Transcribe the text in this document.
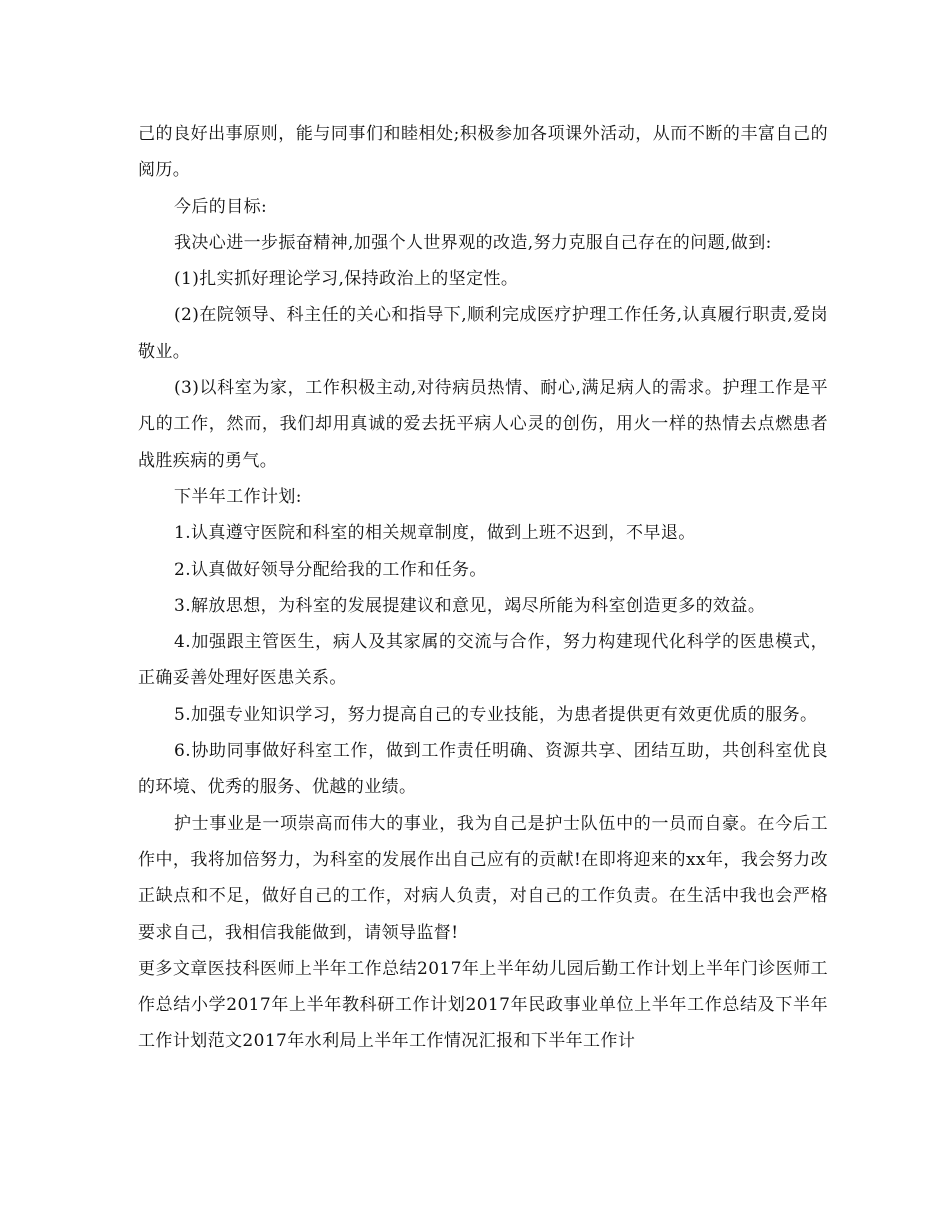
己的良好出事原则，能与同事们和睦相处;积极参加各项课外活动，从而不断的丰富自己的阅历。

今后的目标:

我决心进一步振奋精神,加强个人世界观的改造,努力克服自己存在的问题,做到:

(1)扎实抓好理论学习,保持政治上的坚定性。

(2)在院领导、科主任的关心和指导下,顺利完成医疗护理工作任务,认真履行职责,爱岗敬业。

(3)以科室为家，工作积极主动,对待病员热情、耐心,满足病人的需求。护理工作是平凡的工作，然而，我们却用真诚的爱去抚平病人心灵的创伤，用火一样的热情去点燃患者战胜疾病的勇气。

下半年工作计划:

1.认真遵守医院和科室的相关规章制度，做到上班不迟到，不早退。

2.认真做好领导分配给我的工作和任务。

3.解放思想，为科室的发展提建议和意见，竭尽所能为科室创造更多的效益。

4.加强跟主管医生，病人及其家属的交流与合作，努力构建现代化科学的医患模式，正确妥善处理好医患关系。

5.加强专业知识学习，努力提高自己的专业技能，为患者提供更有效更优质的服务。

6.协助同事做好科室工作，做到工作责任明确、资源共享、团结互助，共创科室优良的环境、优秀的服务、优越的业绩。

护士事业是一项崇高而伟大的事业，我为自己是护士队伍中的一员而自豪。在今后工作中，我将加倍努力，为科室的发展作出自己应有的贡献!在即将迎来的xx年，我会努力改正缺点和不足，做好自己的工作，对病人负责，对自己的工作负责。在生活中我也会严格要求自己，我相信我能做到，请领导监督!

更多文章医技科医师上半年工作总结2017年上半年幼儿园后勤工作计划上半年门诊医师工作总结小学2017年上半年教科研工作计划2017年民政事业单位上半年工作总结及下半年工作计划范文2017年水利局上半年工作情况汇报和下半年工作计
